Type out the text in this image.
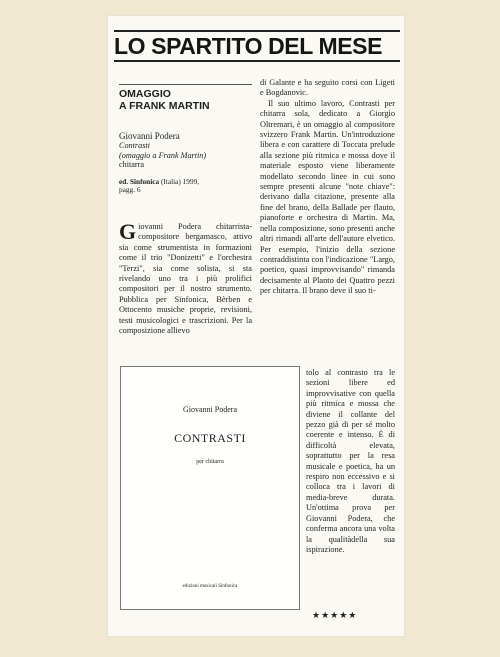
LO SPARTITO DEL MESE
OMAGGIO
A FRANK MARTIN
Giovanni Podera
Contrasti
(omaggio a Frank Martin)
chitarra
ed. Sinfonica (Italia) 1999,
pagg. 6
Giovanni Podera chitarrista-compositore bergamasco, attivo sia come strumentista in formazioni come il trio "Donizetti" e l'orchestra "Terzi", sia come solista, si sta rivelando uno tra i più prolifici compositori per il nostro strumento. Pubblica per Sinfonica, Bèrben e Ottocento musiche proprie, revisioni, testi musicologici e trascrizioni. Per la composizione allievo
Giovanni Podera
CONTRASTI
per chitarra
edizioni musicali Sinfonica

di Galante e ha seguito corsi con Ligeti e Bogdanovic.

Il suo ultimo lavoro, Contrasti per chitarra sola, dedicato a Giorgio Oltremari, è un omaggio al compositore svizzero Frank Martin. Un'introduzione libera e con carattere di Toccata prelude alla sezione più ritmica e mossa dove il materiale esposto viene liberamente modellato secondo linee in cui sono sempre presenti alcune "note chiave": derivano dalla citazione, presente alla fine del brano, della Ballade per flauto, pianoforte e orchestra di Martin. Ma, nella composizione, sono presenti anche altri rimandi all'arte dell'autore elvetico. Per esempio, l'inizio della sezione contraddistinta con l'indicazione "Largo, poetico, quasi improvvisando" rimanda decisamente al Planto dei Quattro pezzi per chitarra. Il brano deve il suo ti-

tolo al contrasto tra le sezioni libere ed improvvisative con quella più ritmica e mossa che diviene il collante del pezzo già di per sé molto coerente e intenso. È di difficoltà elevata, soprattutto per la resa musicale e poetica, ha un respiro non eccessivo e si colloca tra i lavori di media-breve durata. Un'ottima prova per Giovanni Podera, che conferma ancora una volta la qualitàdella sua ispirazione.

★★★★★
